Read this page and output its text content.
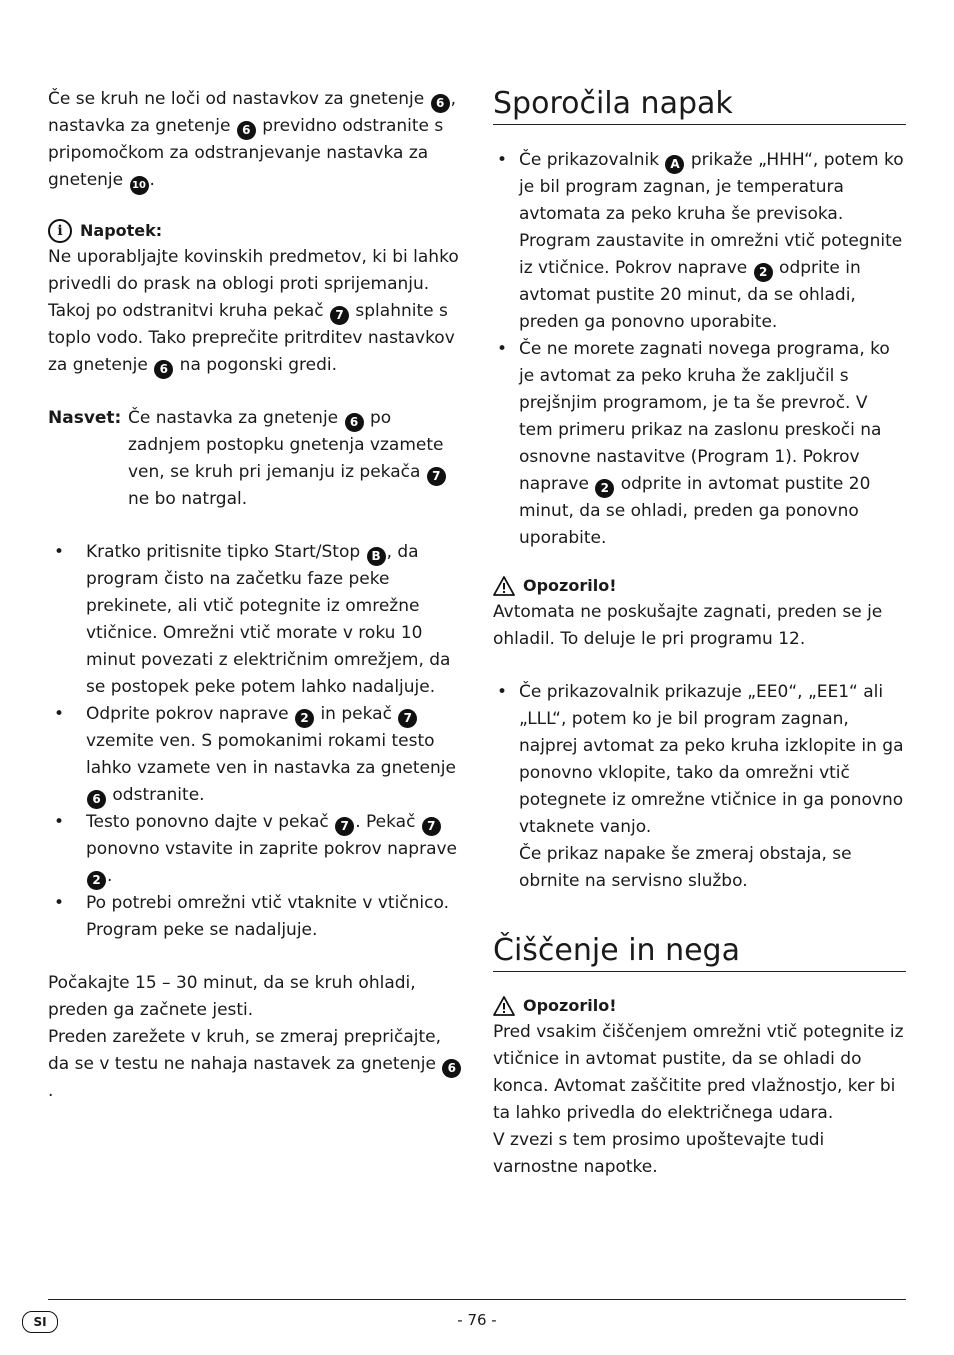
Če se kruh ne loči od nastavkov za gnetenje 6 , nastavka za gnetenje 6 previdno odstranite s pripomočkom za odstranjevanje nastavka za gnetenje 10 .

i	Napotek:

Ne uporabljajte kovinskih predmetov, ki bi lahko privedli do prask na oblogi proti sprijemanju. Takoj po odstranitvi kruha pekač 7 splahnite s toplo vodo. Tako preprečite pritrditev nastavkov za gnetenje 6 na pogonski gredi.

Nasvet: Če nastavka za gnetenje 6 po zadnjem postopku gnetenja vzamete ven, se kruh pri jemanju iz pekača 7 ne bo natrgal.
• Kratko pritisnite tipko Start/Stop B , da program čisto na začetku faze peke prekinete, ali vtič potegnite iz omrežne vtičnice. Omrežni vtič morate v roku 10 minut povezati z električnim omrežjem, da se postopek peke potem lahko nadaljuje.
• Odprite pokrov naprave 2 in pekač 7 vzemite ven. S pomokanimi rokami testo lahko vzamete ven in nastavka za gnetenje 6 odstranite.
• Testo ponovno dajte v pekač 7 . Pekač 7 ponovno vstavite in zaprite pokrov naprave 2 .
• Po potrebi omrežni vtič vtaknite v vtičnico. Program peke se nadaljuje.

Počakajte 15 – 30 minut, da se kruh ohladi, preden ga začnete jesti.

Preden zarežete v kruh, se zmeraj prepričajte, da se v testu ne nahaja nastavek za gnetenje 6.

Sporočila napak
• Če prikazovalnik A prikaže „HHH“, potem ko je bil program zagnan, je temperatura avtomata za peko kruha še previsoka. Program zaustavite in omrežni vtič potegnite iz vtičnice. Pokrov naprave 2 odprite in avtomat pustite 20 minut, da se ohladi, preden ga ponovno uporabite.
• Če ne morete zagnati novega programa, ko je avtomat za peko kruha že zaključil s prejšnjim programom, je ta še prevroč. V tem primeru prikaz na zaslonu preskoči na osnovne nastavitve (Program 1). Pokrov naprave 2 odprite in avtomat pustite 20 minut, da se ohladi, preden ga ponovno uporabite.
Opozorilo!

Avtomata ne poskušajte zagnati, preden se je ohladil. To deluje le pri programu 12.

• Če prikazovalnik prikazuje „EE0“, „EE1“ ali „LLL“, potem ko je bil program zagnan, najprej avtomat za peko kruha izklopite in ga ponovno vklopite, tako da omrežni vtič potegnete iz omrežne vtičnice in ga ponovno vtaknete vanjo.
Če prikaz napake še zmeraj obstaja, se obrnite na servisno službo.
Čiščenje in nega
Opozorilo!

Pred vsakim čiščenjem omrežni vtič potegnite iz vtičnice in avtomat pustite, da se ohladi do konca. Avtomat zaščitite pred vlažnostjo, ker bi ta lahko privedla do električnega udara.

V zvezi s tem prosimo upoštevajte tudi varnostne napotke.

SI	- 76 -
